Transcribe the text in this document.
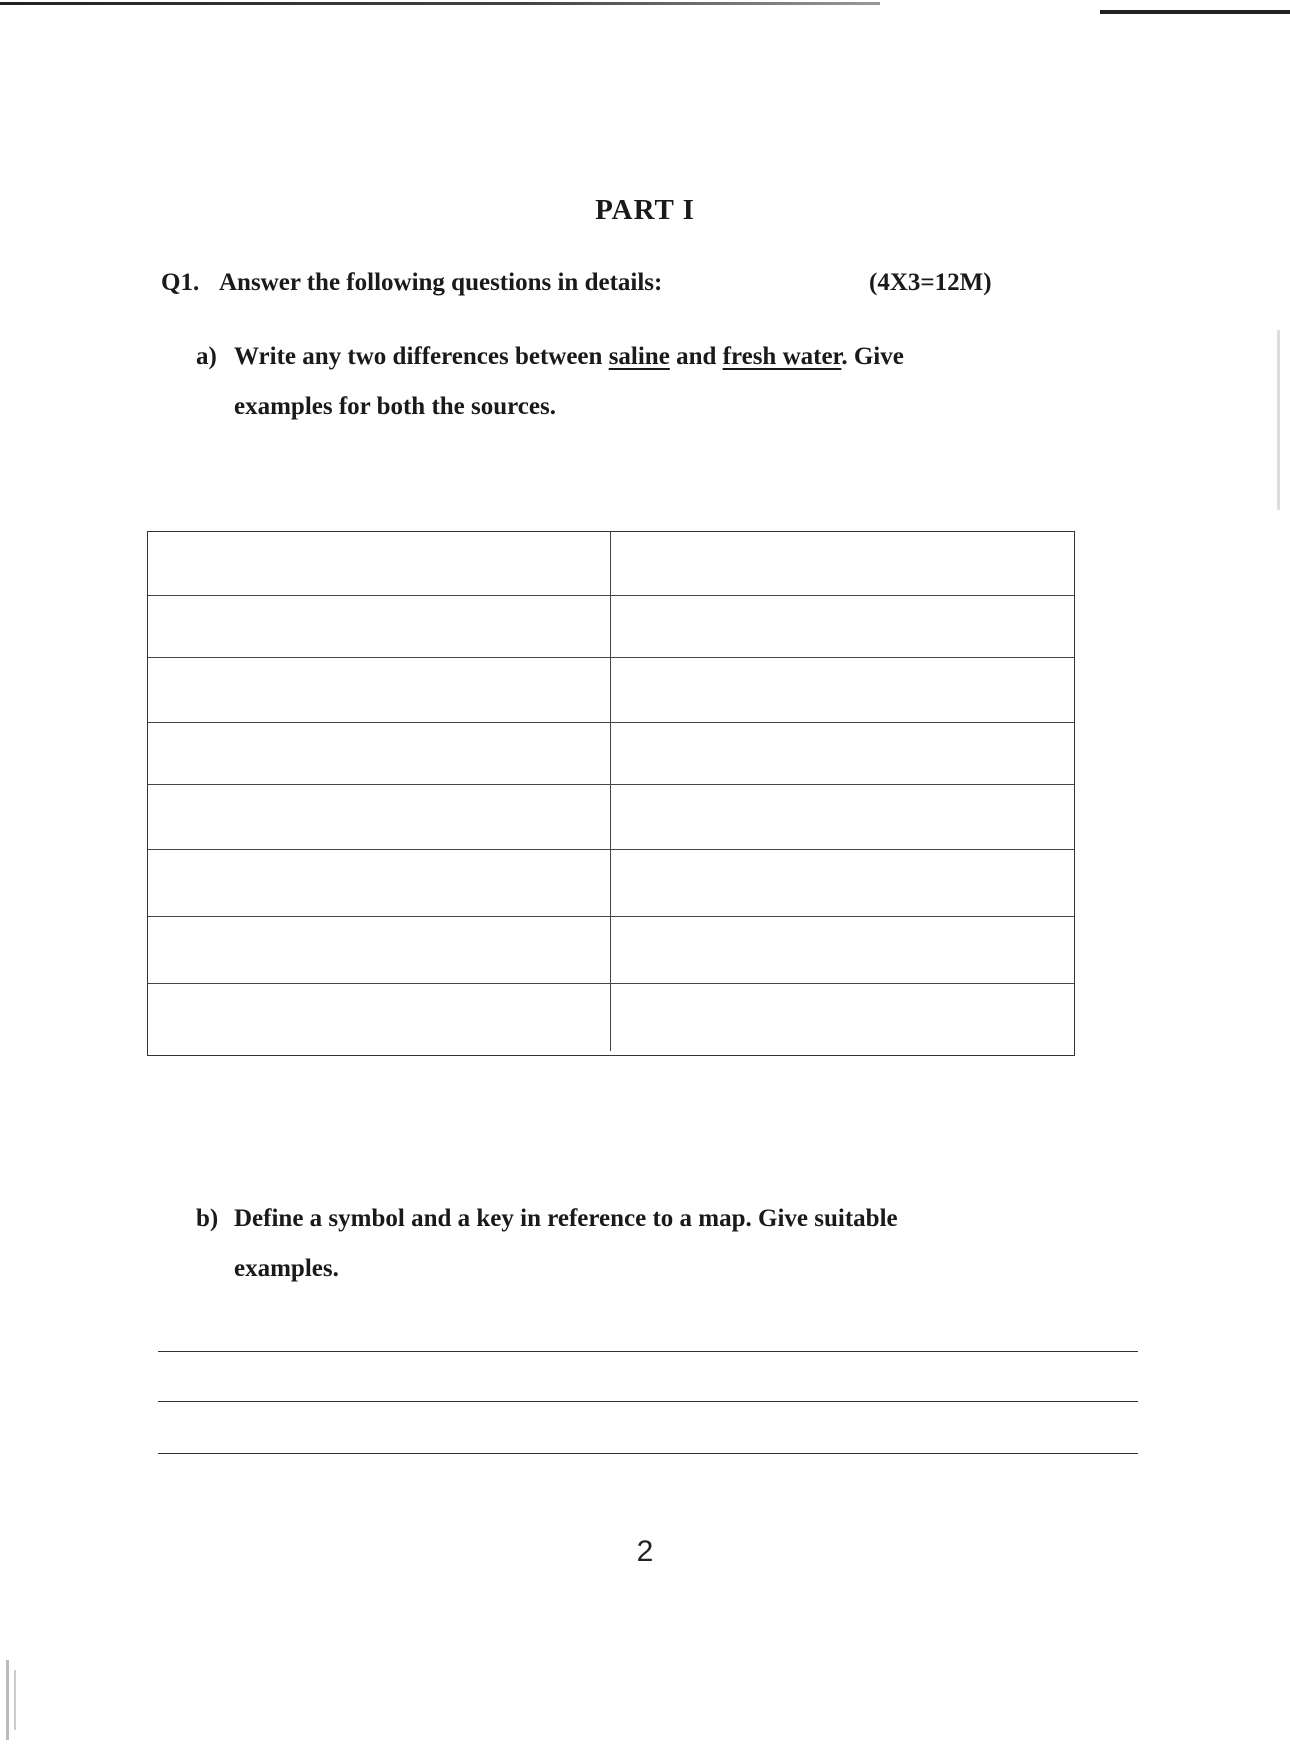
PART I
Q1. Answer the following questions in details:	(4X3=12M)
a) Write any two differences between saline and fresh water. Give
examples for both the sources.
b) Define a symbol and a key in reference to a map. Give suitable
examples.
2
